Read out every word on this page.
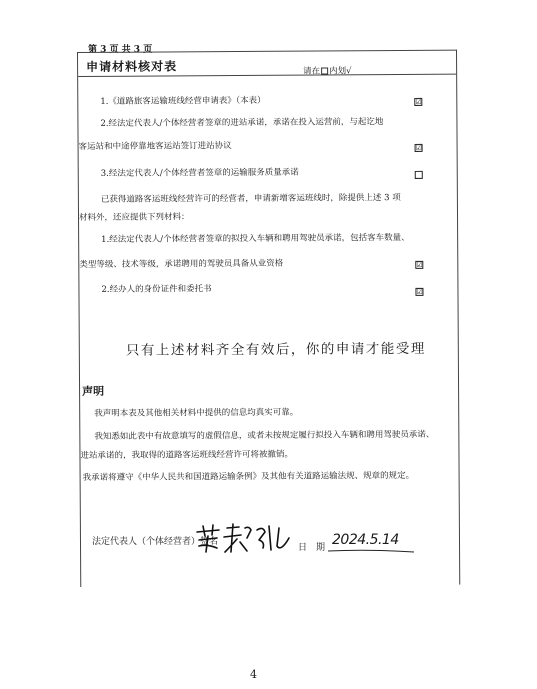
第 3 页 共 3 页
申请材料核对表	请在 内划√
1.《道路旅客运输班线经营申请表》（本表）	☑
2.经法定代表人/个体经营者签章的进站承诺，承诺在投入运营前，与起讫地
客运站和中途停靠地客运站签订进站协议	☑
3.经法定代表人/个体经营者签章的运输服务质量承诺
已获得道路客运班线经营许可的经营者，申请新增客运班线时，除提供上述 3 项
材料外，还应提供下列材料：
1.经法定代表人/个体经营者签章的拟投入车辆和聘用驾驶员承诺，包括客车数量、
类型等级、技术等级，承诺聘用的驾驶员具备从业资格	☑
2.经办人的身份证件和委托书	☑
只有上述材料齐全有效后，你的申请才能受理
声明
我声明本表及其他相关材料中提供的信息均真实可靠。
我知悉如此表中有故意填写的虚假信息，或者未按规定履行拟投入车辆和聘用驾驶员承诺、
进站承诺的，我取得的道路客运班线经营许可将被撤销。
我承诺将遵守《中华人民共和国道路运输条例》及其他有关道路运输法规、规章的规定。
法定代表人（个体经营者）签名
日 期 2024.5.14
4
